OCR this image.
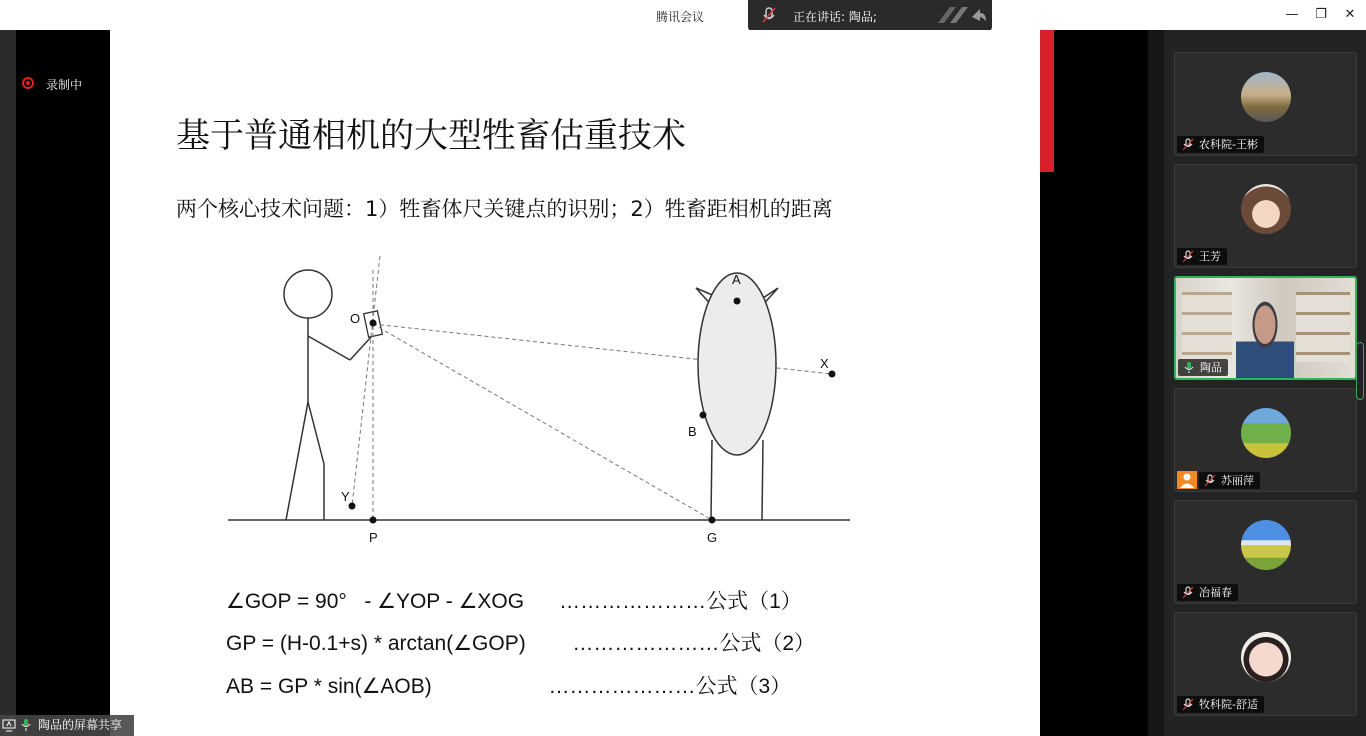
腾讯会议	正在讲话: 陶品;	— ❐ ✕
录制中
基于普通相机的大型牲畜估重技术
两个核心技术问题：1）牲畜体尺关键点的识别；2）牲畜距相机的距离
O
A
X
B
Y
P	G
∠GOP = 90°   - ∠YOP - ∠XOG      …………………公式（1）
GP = (H-0.1+s) * arctan(∠GOP)        …………………公式（2）
AB = GP * sin(∠AOB)                    …………………公式（3）
农科院-王彬
王芳
陶品
苏丽萍
冶福春
牧科院-舒适
陶品的屏幕共享
